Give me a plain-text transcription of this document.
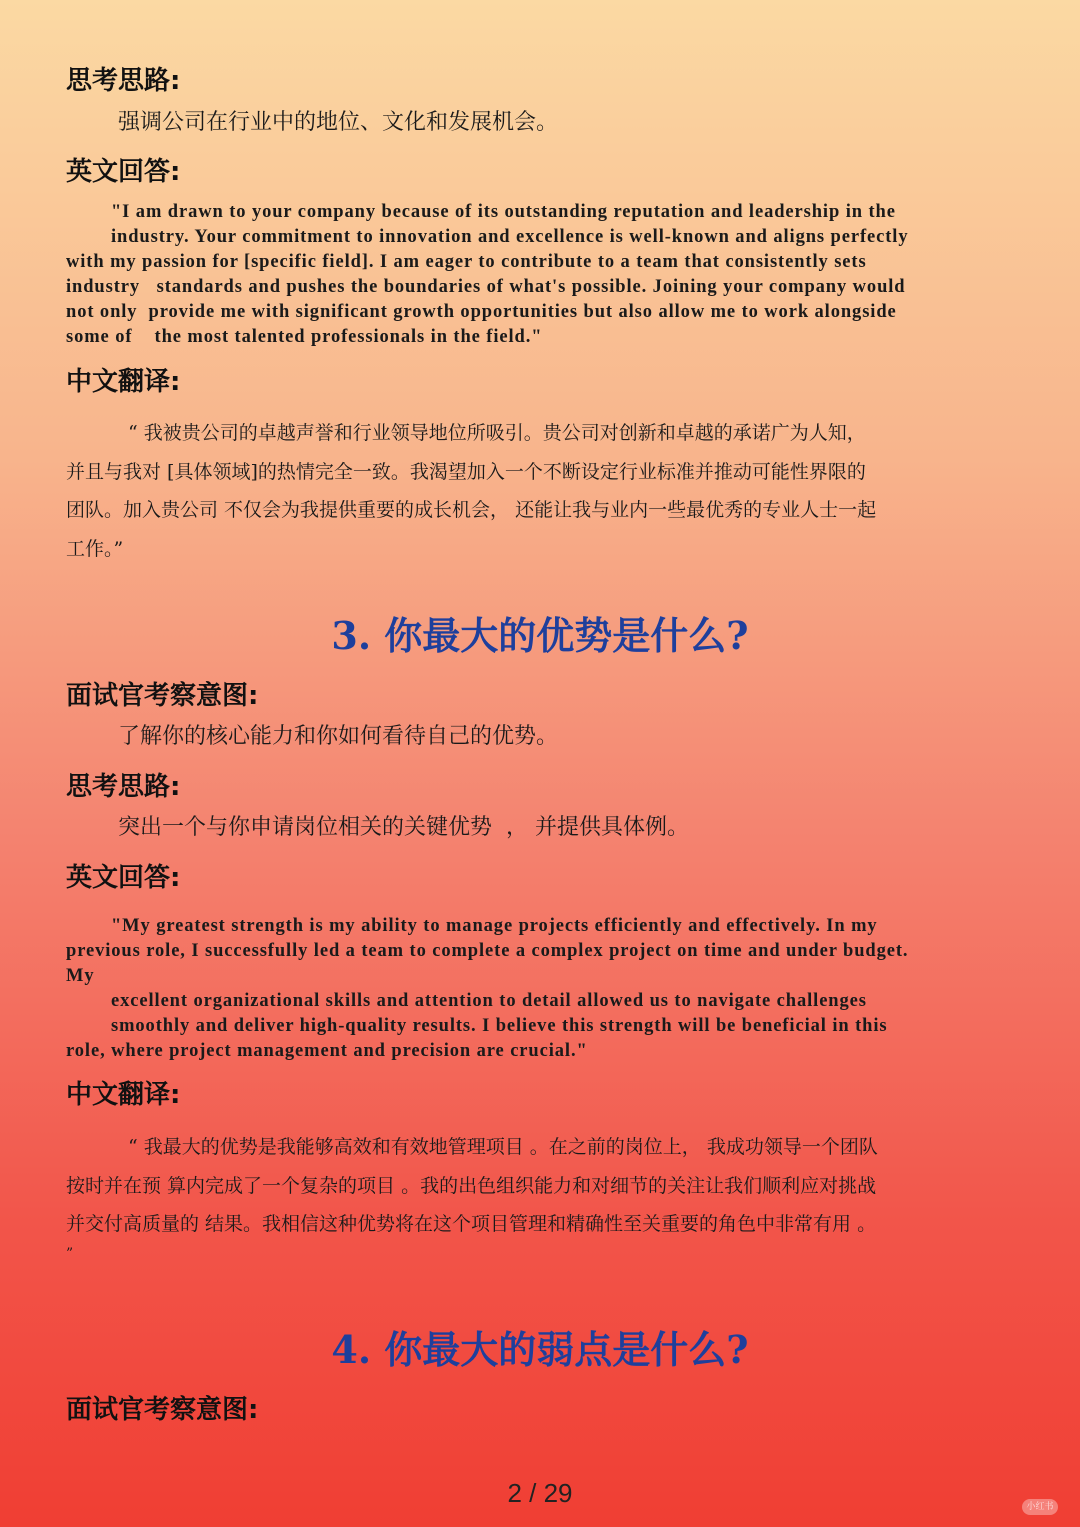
思考思路:

强调公司在行业中的地位、文化和发展机会。

英文回答:

"I am drawn to your company because of its outstanding reputation and leadership in the
industry. Your commitment to innovation and excellence is well-known and aligns perfectly
with my passion for [specific field]. I am eager to contribute to a team that consistently sets
industry   standards and pushes the boundaries of what's possible. Joining your company would
not only  provide me with significant growth opportunities but also allow me to work alongside
some of    the most talented professionals in the field."

中文翻译:

“ 我被贵公司的卓越声誉和行业领导地位所吸引。贵公司对创新和卓越的承诺广为人知，
并且与我对 [具体领域]的热情完全一致。我渴望加入一个不断设定行业标准并推动可能性界限的
团队。加入贵公司 不仅会为我提供重要的成长机会， 还能让我与业内一些最优秀的专业人士一起
工作。”

3. 你最大的优势是什么?

面试官考察意图:

了解你的核心能力和你如何看待自己的优势。

思考思路:

突出一个与你申请岗位相关的关键优势  ， 并提供具体例。

英文回答:

"My greatest strength is my ability to manage projects efficiently and effectively. In my
previous role, I successfully led a team to complete a complex project on time and under budget.
My
excellent organizational skills and attention to detail allowed us to navigate challenges
smoothly and deliver high-quality results. I believe this strength will be beneficial in this
role, where project management and precision are crucial."

中文翻译:

“ 我最大的优势是我能够高效和有效地管理项目 。在之前的岗位上， 我成功领导一个团队
按时并在预 算内完成了一个复杂的项目 。我的出色组织能力和对细节的关注让我们顺利应对挑战
并交付高质量的 结果。我相信这种优势将在这个项目管理和精确性至关重要的角色中非常有用 。
”

4. 你最大的弱点是什么?

面试官考察意图:

2 / 29	小红书
